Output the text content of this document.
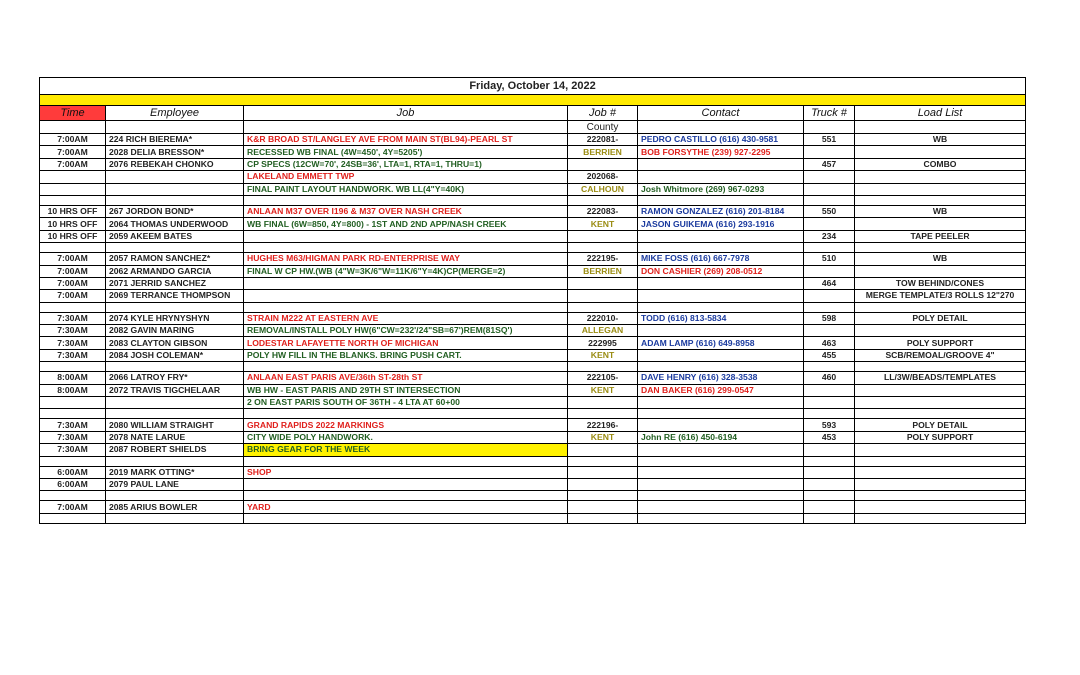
Friday, October 14, 2022						

Time	Employee	Job	Job #	Contact	Truck #	Load List
			County			
7:00AM	224 RICH BIEREMA*	K&R BROAD ST/LANGLEY AVE FROM MAIN ST(BL94)-PEARL ST	222081-	PEDRO CASTILLO (616) 430-9581	551	WB
7:00AM	2028 DELIA BRESSON*	RECESSED WB FINAL (4W=450', 4Y=5205')	BERRIEN	BOB FORSYTHE (239) 927-2295		
7:00AM	2076 REBEKAH CHONKO	CP SPECS (12CW=70', 24SB=36', LTA=1, RTA=1, THRU=1)			457	COMBO
		LAKELAND EMMETT TWP	202068-			
		FINAL PAINT LAYOUT HANDWORK. WB LL(4"Y=40K)	CALHOUN	Josh Whitmore (269) 967-0293		

10 HRS OFF	267 JORDON BOND*	ANLAAN M37 OVER I196 & M37 OVER NASH CREEK	222083-	RAMON GONZALEZ (616) 201-8184	550	WB
10 HRS OFF	2064 THOMAS UNDERWOOD	WB FINAL (6W=850, 4Y=800) - 1ST AND 2ND APP/NASH CREEK	KENT	JASON GUIKEMA (616) 293-1916		
10 HRS OFF	2059 AKEEM BATES				234	TAPE PEELER

7:00AM	2057 RAMON SANCHEZ*	HUGHES M63/HIGMAN PARK RD-ENTERPRISE WAY	222195-	MIKE FOSS (616) 667-7978	510	WB
7:00AM	2062 ARMANDO GARCIA	FINAL W CP HW.(WB (4"W=3K/6"W=11K/6"Y=4K)CP(MERGE=2)	BERRIEN	DON CASHIER (269) 208-0512		
7:00AM	2071 JERRID SANCHEZ				464	TOW BEHIND/CONES
7:00AM	2069 TERRANCE THOMPSON					MERGE TEMPLATE/3 ROLLS 12"270

7:30AM	2074 KYLE HRYNYSHYN	STRAIN M222 AT EASTERN AVE	222010-	TODD (616) 813-5834	598	POLY DETAIL
7:30AM	2082 GAVIN MARING	REMOVAL/INSTALL POLY HW(6"CW=232'/24"SB=67')REM(81SQ')	ALLEGAN			
7:30AM	2083 CLAYTON GIBSON	LODESTAR LAFAYETTE NORTH OF MICHIGAN	222995	ADAM LAMP (616) 649-8958	463	POLY SUPPORT
7:30AM	2084 JOSH COLEMAN*	POLY HW FILL IN THE BLANKS. BRING PUSH CART.	KENT		455	SCB/REMOAL/GROOVE 4"

8:00AM	2066 LATROY FRY*	ANLAAN EAST PARIS AVE/36th ST-28th ST	222105-	DAVE HENRY (616) 328-3538	460	LL/3W/BEADS/TEMPLATES
8:00AM	2072 TRAVIS TIGCHELAAR	WB HW - EAST PARIS AND 29TH ST INTERSECTION	KENT	DAN BAKER (616) 299-0547		
		2 ON EAST PARIS SOUTH OF 36TH - 4 LTA AT 60+00				

7:30AM	2080 WILLIAM STRAIGHT	GRAND RAPIDS 2022 MARKINGS	222196-		593	POLY DETAIL
7:30AM	2078 NATE LARUE	CITY WIDE POLY HANDWORK.	KENT	John RE (616) 450-6194	453	POLY SUPPORT
7:30AM	2087 ROBERT SHIELDS	BRING GEAR FOR THE WEEK				

6:00AM	2019 MARK OTTING*	SHOP				
6:00AM	2079 PAUL LANE					

7:00AM	2085 ARIUS BOWLER	YARD				
